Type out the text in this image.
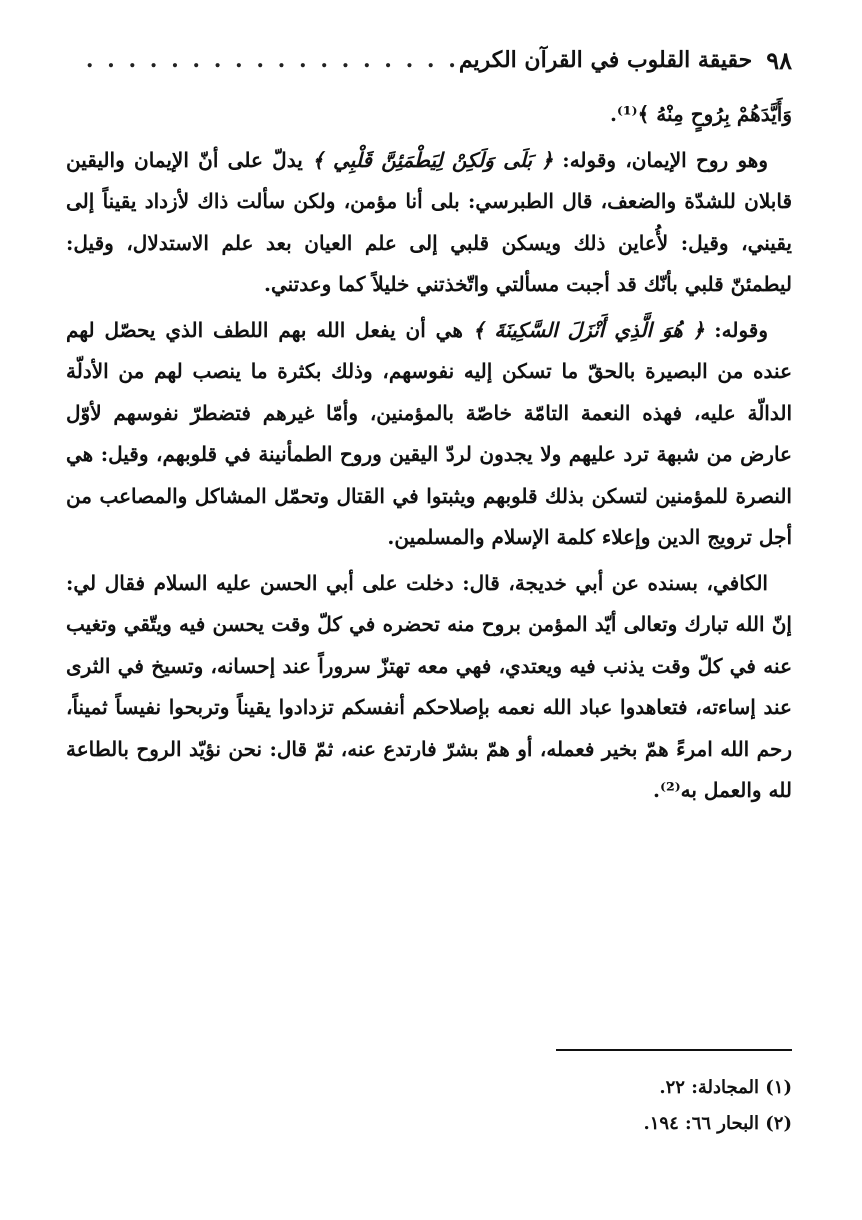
٩٨
حقيقة القلوب في القرآن الكريم
. . .

وَأَيَّدَهُمْ بِرُوحٍ مِنْهُ ﴾⁽¹⁾.

وهو روح الإيمان، وقوله: ﴿ بَلَى وَلَكِنْ لِيَطْمَئِنَّ قَلْبِي ﴾ يدلّ على أنّ الإيمان واليقين قابلان للشدّة والضعف، قال الطبرسي: بلى أنا مؤمن، ولكن سألت ذاك لأزداد يقيناً إلى يقيني، وقيل: لأُعاين ذلك ويسكن قلبي إلى علم العيان بعد علم الاستدلال، وقيل: ليطمئنّ قلبي بأنّك قد أجبت مسألتي واتّخذتني خليلاً كما وعدتني.

وقوله: ﴿ هُوَ الَّذِي أَنْزَلَ السَّكِينَةَ ﴾ هي أن يفعل الله بهم اللطف الذي يحصّل لهم عنده من البصيرة بالحقّ ما تسكن إليه نفوسهم، وذلك بكثرة ما ينصب لهم من الأدلّة الدالّة عليه، فهذه النعمة التامّة خاصّة بالمؤمنين، وأمّا غيرهم فتضطرّ نفوسهم لأوّل عارض من شبهة ترد عليهم ولا يجدون لردّ اليقين وروح الطمأنينة في قلوبهم، وقيل: هي النصرة للمؤمنين لتسكن بذلك قلوبهم ويثبتوا في القتال وتحمّل المشاكل والمصاعب من أجل ترويج الدين وإعلاء كلمة الإسلام والمسلمين.

الكافي، بسنده عن أبي خديجة، قال: دخلت على أبي الحسن عليه السلام فقال لي: إنّ الله تبارك وتعالى أيّد المؤمن بروح منه تحضره في كلّ وقت يحسن فيه ويتّقي وتغيب عنه في كلّ وقت يذنب فيه ويعتدي، فهي معه تهتزّ سروراً عند إحسانه، وتسيخ في الثرى عند إساءته، فتعاهدوا عباد الله نعمه بإصلاحكم أنفسكم تزدادوا يقيناً وتربحوا نفيساً ثميناً، رحم الله امرءً همّ بخير فعمله، أو همّ بشرّ فارتدع عنه، ثمّ قال: نحن نؤيّد الروح بالطاعة لله والعمل به⁽²⁾.

(١) المجادلة: ٢٢.
(٢) البحار ٦٦: ١٩٤.
